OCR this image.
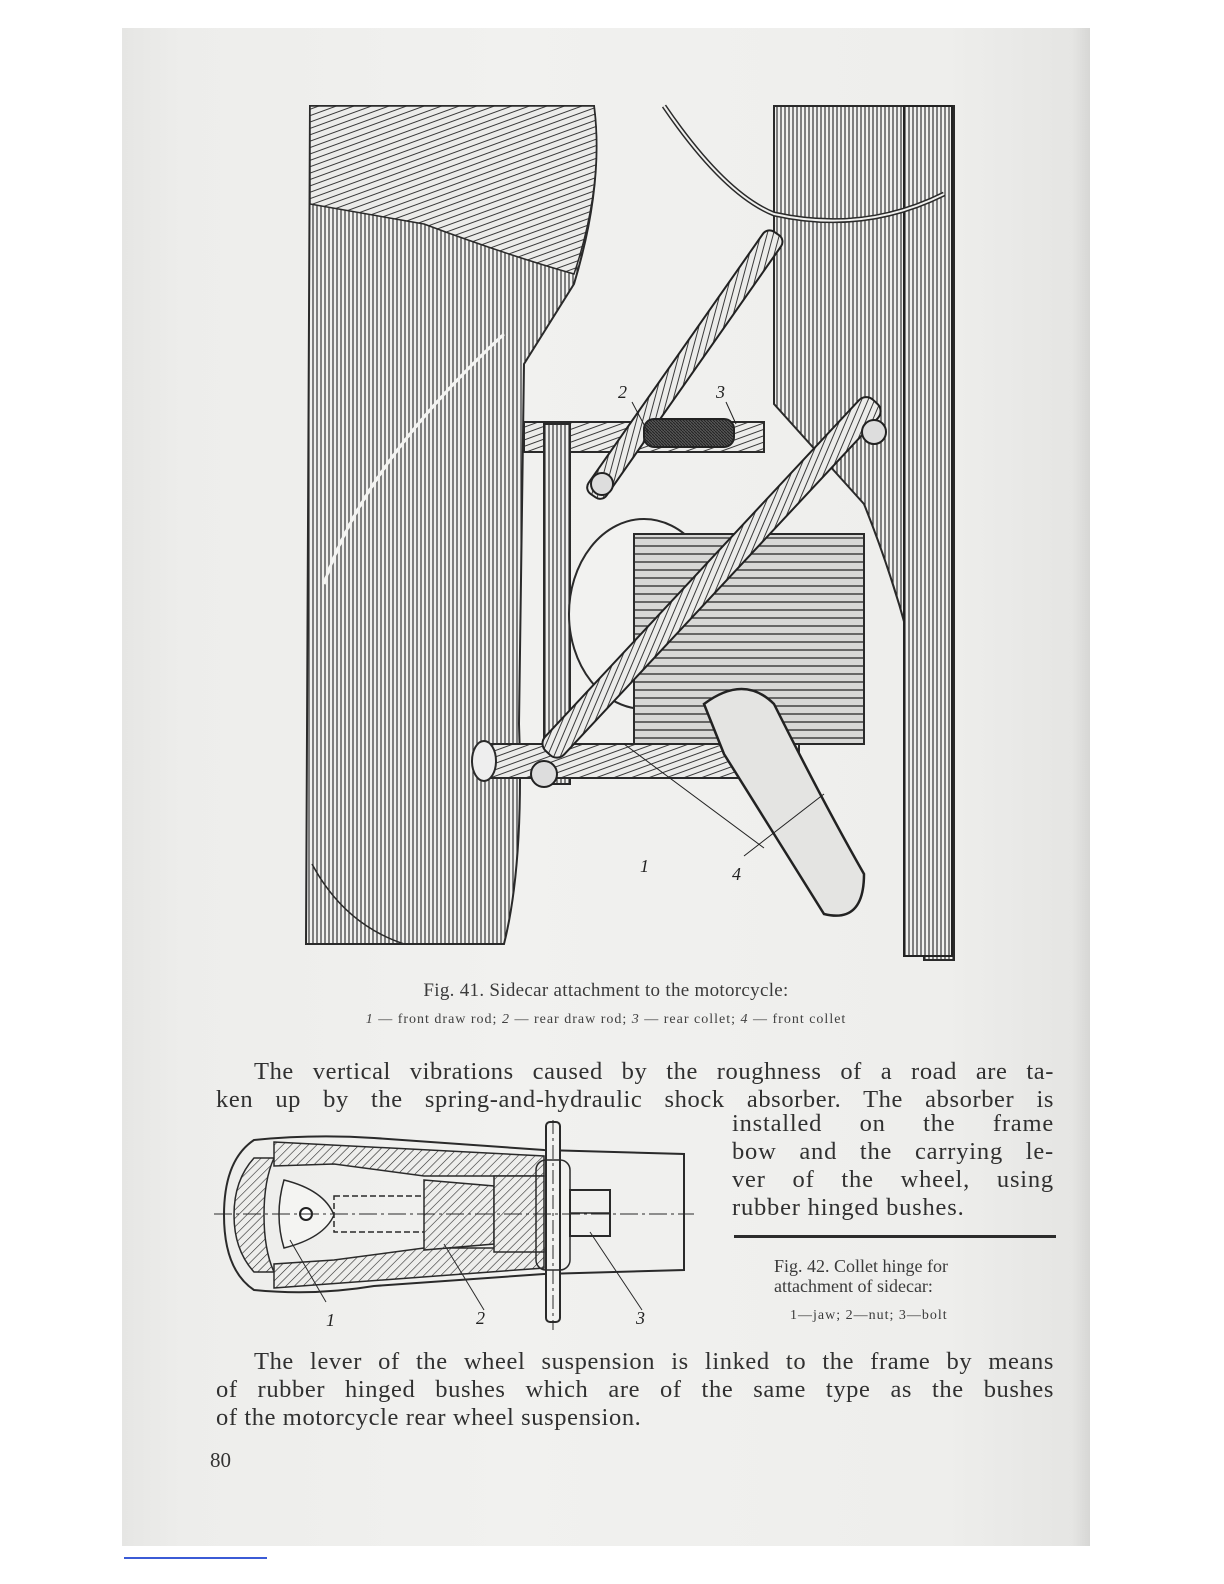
2	3
1	4
Fig. 41. Sidecar attachment to the motorcycle:
1 — front draw rod; 2 — rear draw rod; 3 — rear collet; 4 — front collet
The vertical vibrations caused by the roughness of a road are ta-
ken up by the spring-and-hydraulic shock absorber. The absorber is
installed on the frame
bow and the carrying le-
ver of the wheel, using
rubber hinged bushes.
1	2	3
Fig. 42. Collet hinge for
attachment of sidecar:
1—jaw; 2—nut; 3—bolt
The lever of the wheel suspension is linked to the frame by means
of rubber hinged bushes which are of the same type as the bushes
of the motorcycle rear wheel suspension.
80
